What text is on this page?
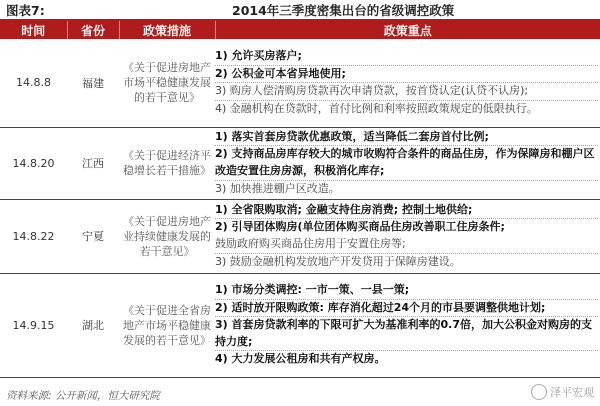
图表7:	2014年三季度密集出台的省级调控政策
时间	省份	政策措施	政策重点
14.8.8	福建	《关于促进房地产市场平稳健康发展的若干意见》	1) 允许买房落户;
2) 公积金可本省异地使用;
3) 购房人偿清购房贷款再次申请贷款，按首贷认定(认贷不认房);
4) 金融机构在贷款时，首付比例和利率按照政策规定的低限执行。

14.8.20	江西	《关于促进经济平稳增长若干措施》	1) 落实首套房贷款优惠政策，适当降低二套房首付比例;
2) 支持商品房库存较大的城市收购符合条件的商品住房，作为保障房和棚户区改造安置住房房源，积极消化库存;
3) 加快推进棚户区改造。

14.8.22	宁夏	《关于促进房地产业持续健康发展的若干意见》	1) 全省限购取消; 金融支持住房消费; 控制土地供给;
2) 引导团体购房(单位团体购买商品住房改善职工住房条件;
鼓励政府购买商品住房用于安置住房等;
3) 鼓励金融机构发放地产开发贷用于保障房建设。

14.9.15	湖北	《关于促进全省房地产市场平稳健康发展的若干意见》	1) 市场分类调控: 一市一策、一县一策;
2) 适时放开限购政策: 库存消化超过24个月的市县要调整供地计划;
3) 首套房贷款利率的下限可扩大为基准利率的0.7倍，加大公积金对购房的支持力度;
4) 大力发展公租房和共有产权房。
资料来源: 公开新闻，恒大研究院	泽平宏观
